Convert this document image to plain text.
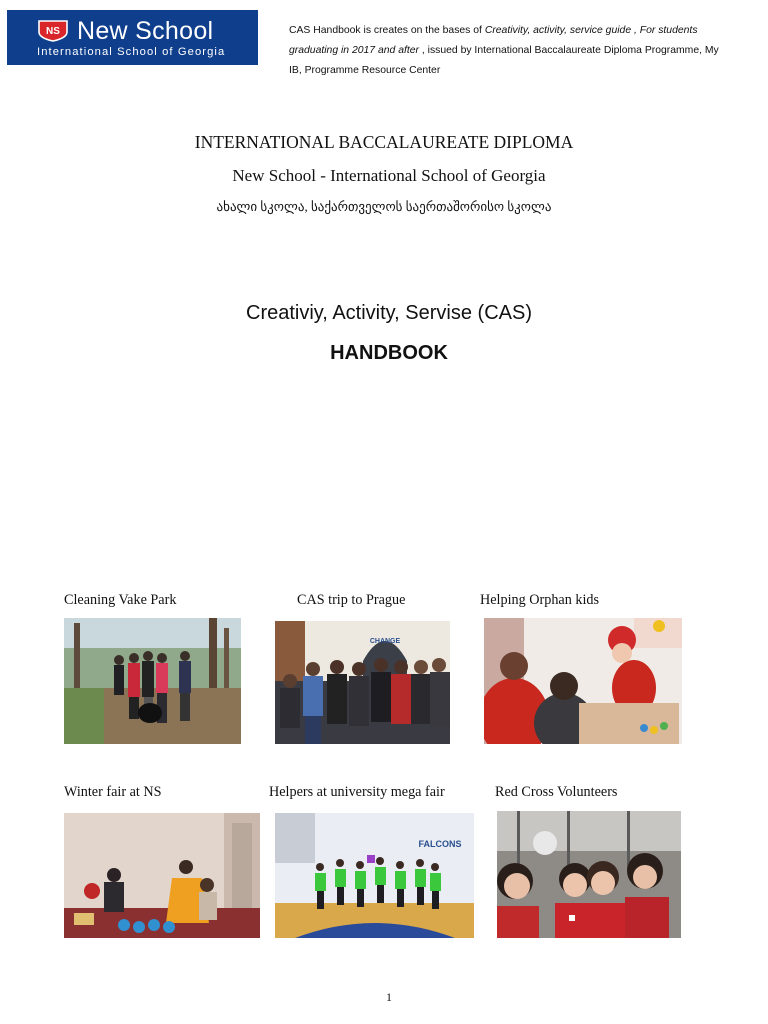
NS New School
International School of Georgia
CAS Handbook is creates on the bases of Creativity, activity, service guide , For students graduating in 2017 and after , issued by International Baccalaureate Diploma Programme, My IB, Programme Resource Center
INTERNATIONAL BACCALAUREATE DIPLOMA
New School - International School of Georgia
ახალი სკოლა, საქართველოს საერთაშორისო სკოლა
Creativiy, Activity, Servise (CAS)
HANDBOOK
Cleaning Vake Park	CAS trip to Prague
CHANGE
Helping Orphan kids
Winter fair at NS	Helpers at university mega fair
FALCONS
Red Cross Volunteers
1
